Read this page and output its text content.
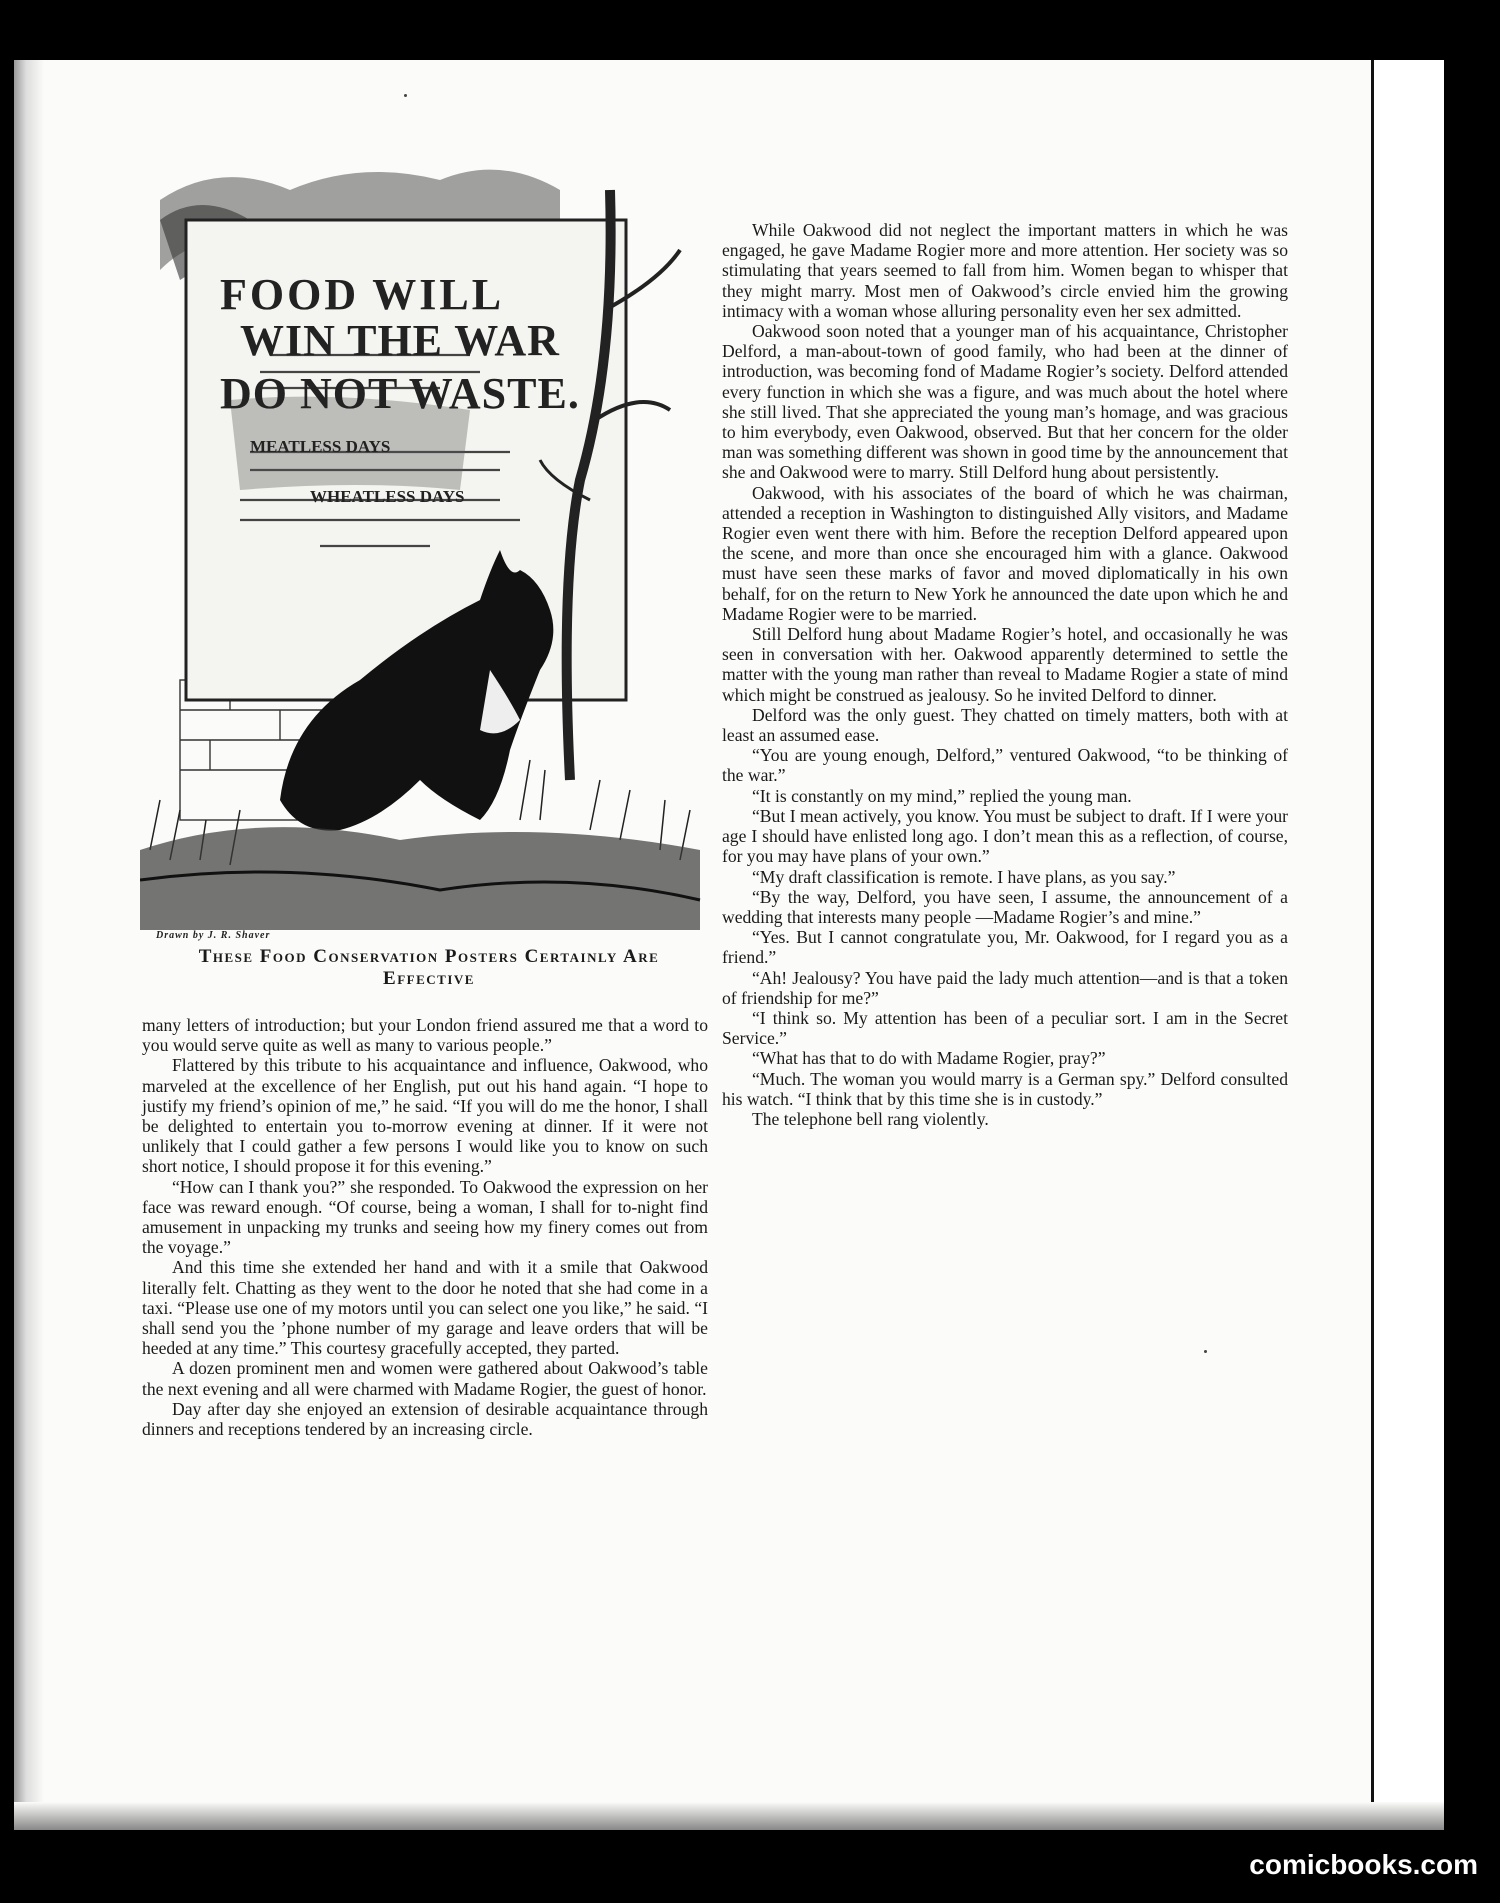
FOOD WILL
WIN THE WAR
DO NOT WASTE.
MEATLESS DAYS
WHEATLESS DAYS
Drawn by J. R. Shaver
These Food Conservation Posters Certainly Are Effective

many letters of introduction; but your London friend assured me that a word to you would serve quite as well as many to various people.”

Flattered by this tribute to his acquaintance and influence, Oakwood, who marveled at the excellence of her English, put out his hand again. “I hope to justify my friend’s opinion of me,” he said. “If you will do me the honor, I shall be delighted to entertain you to-morrow evening at dinner. If it were not unlikely that I could gather a few persons I would like you to know on such short notice, I should propose it for this evening.”

“How can I thank you?” she responded. To Oakwood the expression on her face was reward enough. “Of course, being a woman, I shall for to-night find amusement in unpacking my trunks and seeing how my finery comes out from the voyage.”

And this time she extended her hand and with it a smile that Oakwood literally felt. Chatting as they went to the door he noted that she had come in a taxi. “Please use one of my motors until you can select one you like,” he said. “I shall send you the ’phone number of my garage and leave orders that will be heeded at any time.” This courtesy gracefully accepted, they parted.

A dozen prominent men and women were gathered about Oakwood’s table the next evening and all were charmed with Madame Rogier, the guest of honor.

Day after day she enjoyed an extension of desirable acquaintance through dinners and receptions tendered by an increasing circle.

While Oakwood did not neglect the important matters in which he was engaged, he gave Madame Rogier more and more attention. Her society was so stimulating that years seemed to fall from him. Women began to whisper that they might marry. Most men of Oakwood’s circle envied him the growing intimacy with a woman whose alluring personality even her sex admitted.

Oakwood soon noted that a younger man of his acquaintance, Christopher Delford, a man-about-town of good family, who had been at the dinner of introduction, was becoming fond of Madame Rogier’s society. Delford attended every function in which she was a figure, and was much about the hotel where she still lived. That she appreciated the young man’s homage, and was gracious to him everybody, even Oakwood, observed. But that her concern for the older man was something different was shown in good time by the announcement that she and Oakwood were to marry. Still Delford hung about persistently.

Oakwood, with his associates of the board of which he was chairman, attended a reception in Washington to distinguished Ally visitors, and Madame Rogier even went there with him. Before the reception Delford appeared upon the scene, and more than once she encouraged him with a glance. Oakwood must have seen these marks of favor and moved diplomatically in his own behalf, for on the return to New York he announced the date upon which he and Madame Rogier were to be married.

Still Delford hung about Madame Rogier’s hotel, and occasionally he was seen in conversation with her. Oakwood apparently determined to settle the matter with the young man rather than reveal to Madame Rogier a state of mind which might be construed as jealousy. So he invited Delford to dinner.

Delford was the only guest. They chatted on timely matters, both with at least an assumed ease.

“You are young enough, Delford,” ventured Oakwood, “to be thinking of the war.”

“It is constantly on my mind,” replied the young man.

“But I mean actively, you know. You must be subject to draft. If I were your age I should have enlisted long ago. I don’t mean this as a reflection, of course, for you may have plans of your own.”

“My draft classification is remote. I have plans, as you say.”

“By the way, Delford, you have seen, I assume, the announcement of a wedding that interests many people —Madame Rogier’s and mine.”

“Yes. But I cannot congratulate you, Mr. Oakwood, for I regard you as a friend.”

“Ah! Jealousy? You have paid the lady much attention—and is that a token of friendship for me?”

“I think so. My attention has been of a peculiar sort. I am in the Secret Service.”

“What has that to do with Madame Rogier, pray?”

“Much. The woman you would marry is a German spy.” Delford consulted his watch. “I think that by this time she is in custody.”

The telephone bell rang violently.

comicbooks.com
